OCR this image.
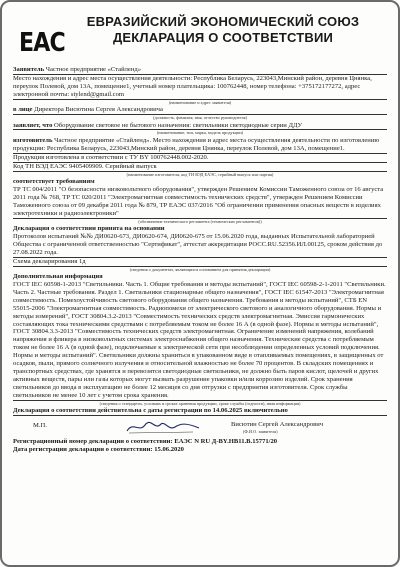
EAC
ЕВРАЗИЙСКИЙ ЭКОНОМИЧЕСКИЙ СОЮЗ
ДЕКЛАРАЦИЯ О СООТВЕТСТВИИ
Заявитель Частное предприятие «Стайленд»
Место нахождения и адрес места осуществления деятельности: Республика Беларусь, 223043,Минский район, деревня Цнянка, переулок Полевой, дом 13А, помещение1, учетный номер плательщика: 100762448, номер телефона: +375172177272, адрес электронной почты: stylend@gmail.com
(наименование и адрес заявителя)
в лице Директора Висютина Сергея Александровича
(должность, фамилия, имя, отчество руководителя)
заявляет, что Оборудование световое не бытового назначения: светильники светодиодные серии ДДУ
(наименование, тип, марка, модель продукции)
изготовитель Частное предприятие «Стайленд». Место нахождения и адрес места осуществления деятельности по изготовлению продукции: Республика Беларусь, 223043,Минский район, деревня Цнянка, переулок Полевой, дом 13А, помещение1.
Продукция изготовлена в соответствии с ТУ BY 100762448.002-2020.
Код ТН ВЭД ЕАЭС 9405409909. Серийный выпуск
(наименование изготовителя, код ТН ВЭД ЕАЭС, серийный выпуск или партия)
соответствует требованиям
ТР ТС 004/2011 "О безопасности низковольтного оборудования", утвержден Решением Комиссии Таможенного союза от 16 августа 2011 года № 768, ТР ТС 020/2011 "Электромагнитная совместимость технических средств", утвержден Решением Комиссии Таможенного союза от 09 декабря 2011 года № 879, ТР ЕАЭС 037/2016 "Об ограничении применения опасных веществ в изделиях электротехники и радиоэлектроники"
(обозначение технического регламента (технических регламентов))
Декларация о соответствии принята на основании
Протоколов испытаний №№ ДИ0620-673, ДИ0620-674, ДИ0620-675 от 15.06.2020 года, выданных Испытательной лабораторией Общества с ограниченной ответственностью "Сертификат", аттестат аккредитации РОСС.RU.52356.ИЛ.00125, сроком действия до 27.08.2022 года.
Схема декларирования 1д
(сведения о документах, являющихся основанием для принятия декларации)
Дополнительная информация
ГОСТ IEC 60598-1-2013 "Светильники. Часть 1. Общие требования и методы испытаний", ГОСТ IEC 60598-2-1-2011 "Светильники. Часть 2. Частные требования. Раздел 1. Светильники стационарные общего назначения", ГОСТ IEC 61547-2013 "Электромагнитная совместимость. Помехоустойчивость светового оборудования общего назначения. Требования и методы испытаний", СТБ EN 55015-2006 "Электромагнитная совместимость. Радиопомехи от электрического светового и аналогичного оборудования. Нормы и методы измерений", ГОСТ 30804.3.2-2013 "Совместимость технических средств электромагнитная. Эмиссия гармонических составляющих тока техническими средствами с потребляемым током не более 16 А (в одной фазе). Нормы и методы испытаний", ГОСТ 30804.3.3-2013 "Совместимость технических средств электромагнитная. Ограничение изменений напряжения, колебаний напряжения и фликера в низковольтных системах электроснабжения общего назначения. Технические средства с потребляемым током не более 16 А (в одной фазе), подключаемые к электрической сети при несоблюдении определенных условий подключения. Нормы и методы испытаний". Светильники должны храниться в упакованном виде в отапливаемых помещениях, в защищенных от осадков, пыли, прямого солнечного излучения и относительной влажностью не более 70 процентов. В складских помещениях и транспортных средствах, где хранятся и перевозятся светодиодные светильники, не должно быть паров кислот, щелочей и других активных веществ, пары или газы которых могут вызвать разрушение упаковки и/или коррозию изделий. Срок хранения светильников до ввода в эксплуатацию не более 12 месяцев со дня отгрузки с предприятия изготовителя. Срок службы светильников не менее 10 лет с учетом срока хранения.
(сведения о стандартах, условиях и сроках хранения продукции, сроке службы (годности), иная информация)
Декларация о соответствии действительна с даты регистрации по 14.06.2025 включительно
М.П.	Висютин Сергей Александрович
(Ф.И.О. заявителя)
Регистрационный номер декларации о соответствии: ЕАЭС N RU Д-BY.НВ11.В.15771/20
Дата регистрации декларации о соответствии: 15.06.2020
